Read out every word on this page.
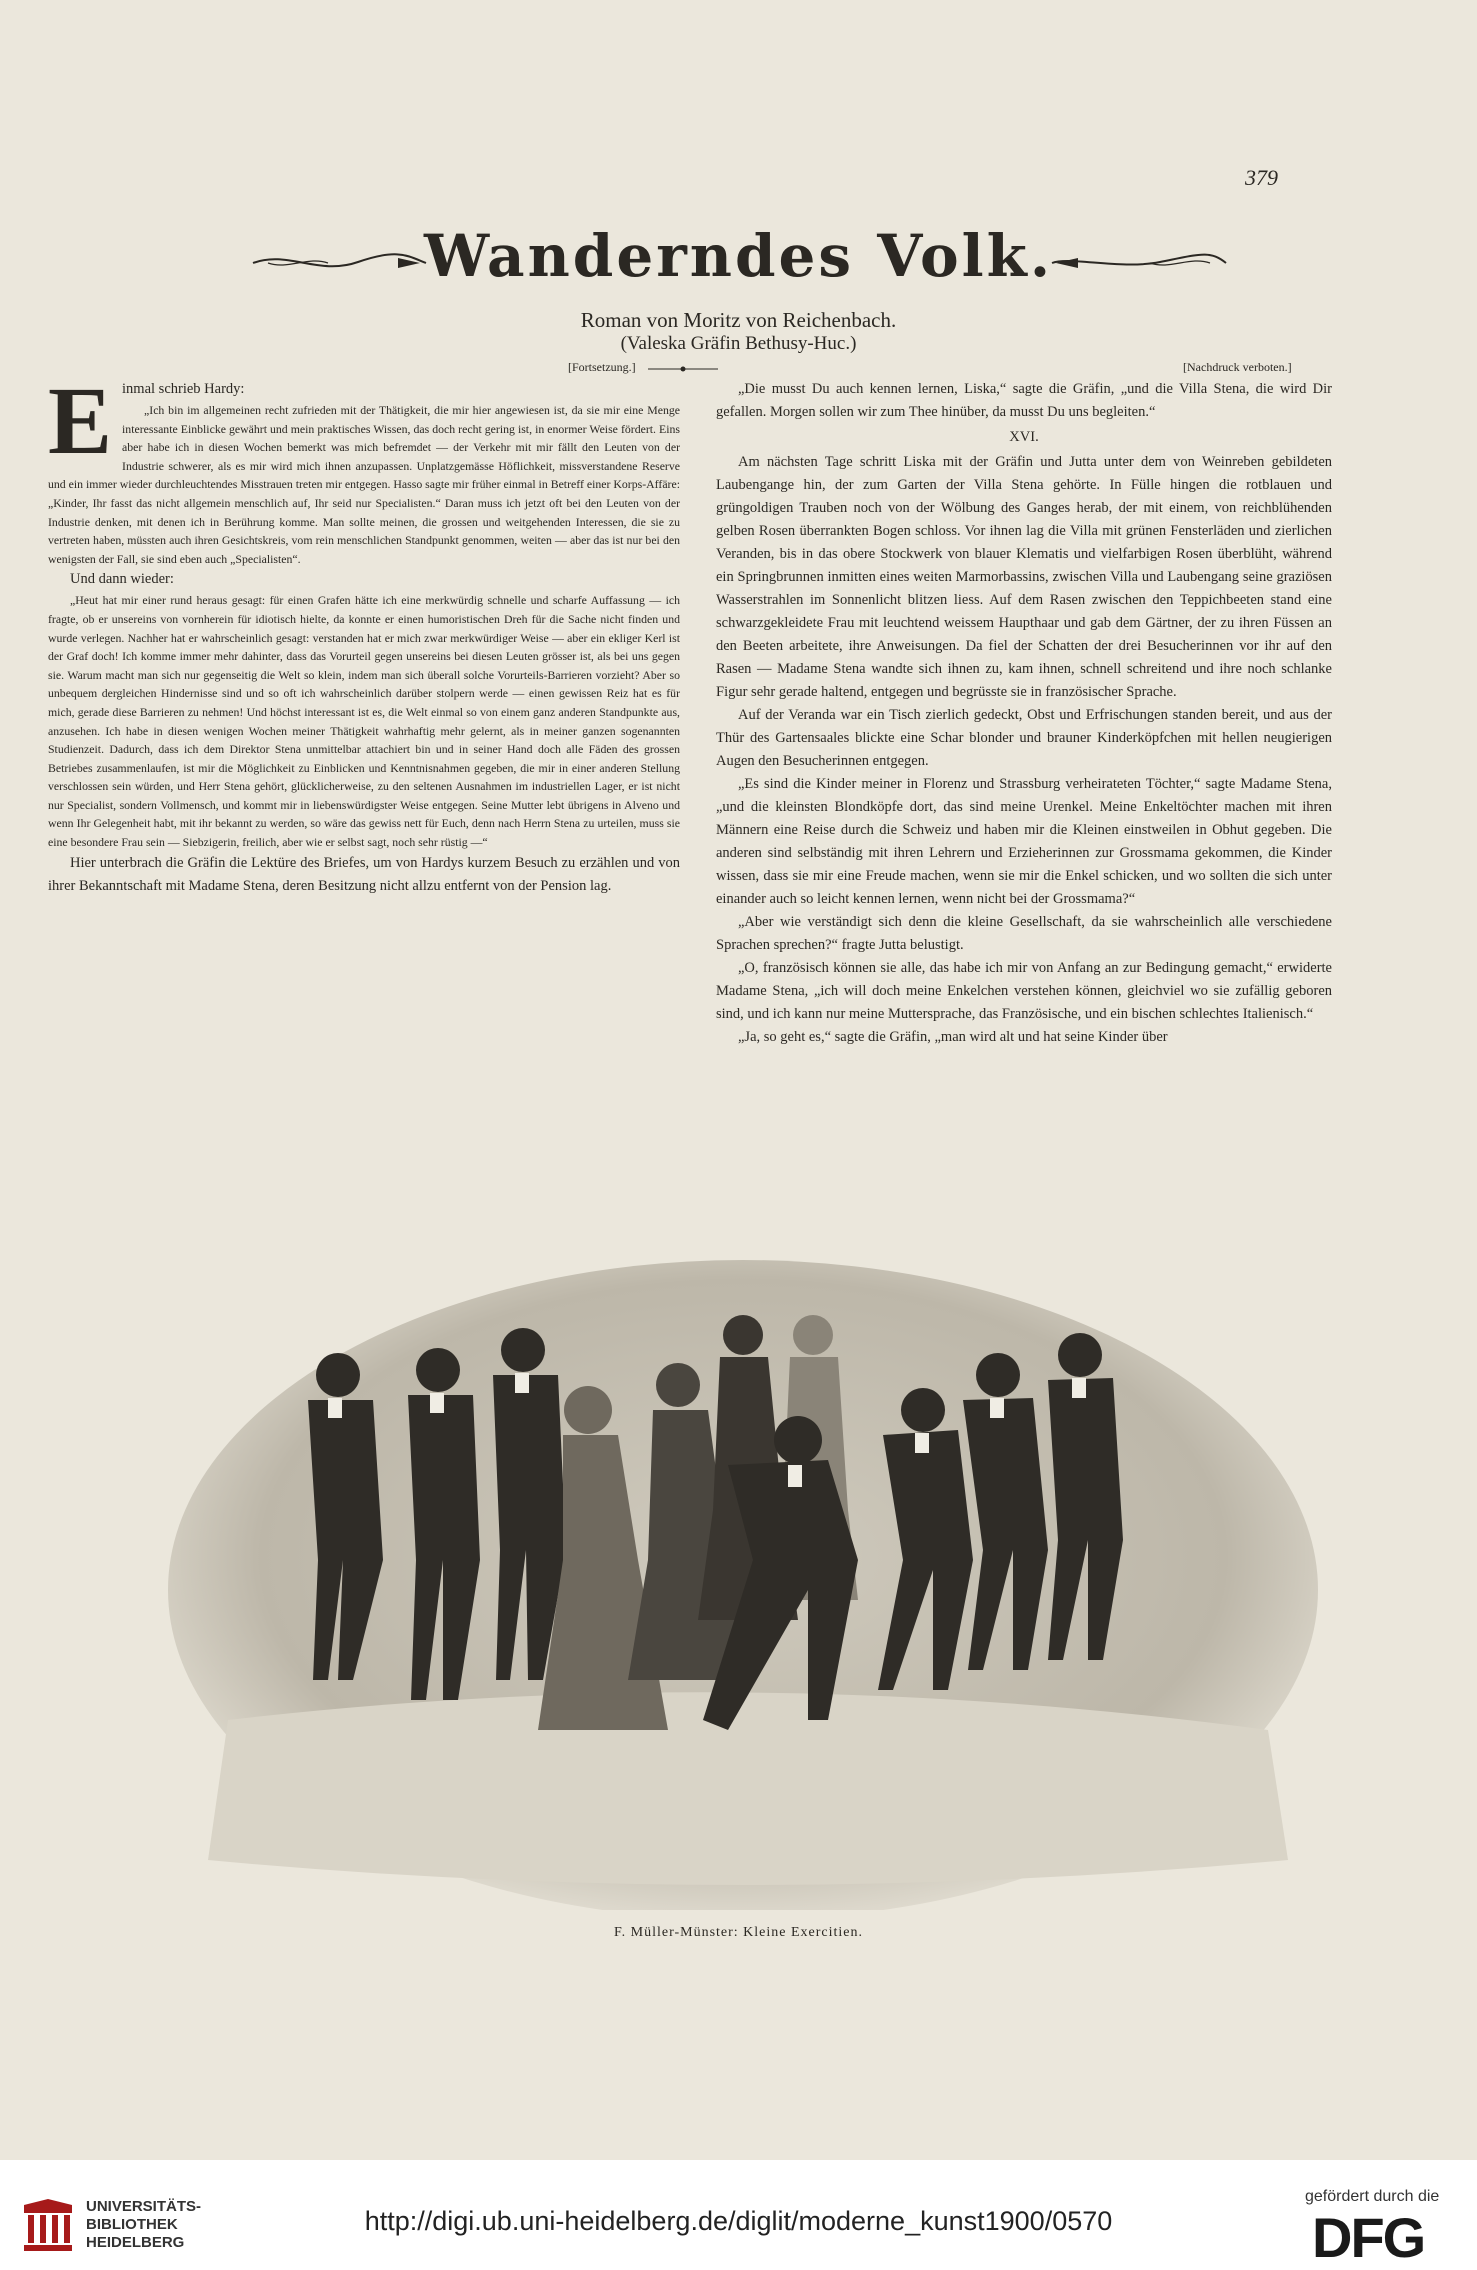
379
Wanderndes Volk.
Roman von Moritz von Reichenbach.
(Valeska Gräfin Bethusy-Huc.)
[Fortsetzung.]	[Nachdruck verboten.]

Einmal schrieb Hardy:

„Ich bin im allgemeinen recht zufrieden mit der Thätigkeit, die mir hier angewiesen ist, da sie mir eine Menge interessante Einblicke gewährt und mein praktisches Wissen, das doch recht gering ist, in enormer Weise fördert. Eins aber habe ich in diesen Wochen bemerkt was mich befremdet — der Verkehr mit mir fällt den Leuten von der Industrie schwerer, als es mir wird mich ihnen anzupassen. Unplatzgemässe Höflichkeit, missverstandene Reserve und ein immer wieder durchleuchtendes Misstrauen treten mir entgegen. Hasso sagte mir früher einmal in Betreff einer Korps-Affäre: „Kinder, Ihr fasst das nicht allgemein menschlich auf, Ihr seid nur Specialisten.“ Daran muss ich jetzt oft bei den Leuten von der Industrie denken, mit denen ich in Berührung komme. Man sollte meinen, die grossen und weitgehenden Interessen, die sie zu vertreten haben, müssten auch ihren Gesichtskreis, vom rein menschlichen Standpunkt genommen, weiten — aber das ist nur bei den wenigsten der Fall, sie sind eben auch „Specialisten“.

Und dann wieder:

„Heut hat mir einer rund heraus gesagt: für einen Grafen hätte ich eine merkwürdig schnelle und scharfe Auffassung — ich fragte, ob er unsereins von vornherein für idiotisch hielte, da konnte er einen humoristischen Dreh für die Sache nicht finden und wurde verlegen. Nachher hat er wahrscheinlich gesagt: verstanden hat er mich zwar merkwürdiger Weise — aber ein ekliger Kerl ist der Graf doch! Ich komme immer mehr dahinter, dass das Vorurteil gegen unsereins bei diesen Leuten grösser ist, als bei uns gegen sie. Warum macht man sich nur gegenseitig die Welt so klein, indem man sich überall solche Vorurteils-Barrieren vorzieht? Aber so unbequem dergleichen Hindernisse sind und so oft ich wahrscheinlich darüber stolpern werde — einen gewissen Reiz hat es für mich, gerade diese Barrieren zu nehmen! Und höchst interessant ist es, die Welt einmal so von einem ganz anderen Standpunkte aus, anzusehen. Ich habe in diesen wenigen Wochen meiner Thätigkeit wahrhaftig mehr gelernt, als in meiner ganzen sogenannten Studienzeit. Dadurch, dass ich dem Direktor Stena unmittelbar attachiert bin und in seiner Hand doch alle Fäden des grossen Betriebes zusammenlaufen, ist mir die Möglichkeit zu Einblicken und Kenntnisnahmen gegeben, die mir in einer anderen Stellung verschlossen sein würden, und Herr Stena gehört, glücklicherweise, zu den seltenen Ausnahmen im industriellen Lager, er ist nicht nur Specialist, sondern Vollmensch, und kommt mir in liebenswürdigster Weise entgegen. Seine Mutter lebt übrigens in Alveno und wenn Ihr Gelegenheit habt, mit ihr bekannt zu werden, so wäre das gewiss nett für Euch, denn nach Herrn Stena zu urteilen, muss sie eine besondere Frau sein — Siebzigerin, freilich, aber wie er selbst sagt, noch sehr rüstig —“

Hier unterbrach die Gräfin die Lektüre des Briefes, um von Hardys kurzem Besuch zu erzählen und von ihrer Bekanntschaft mit Madame Stena, deren Besitzung nicht allzu entfernt von der Pension lag.

„Die musst Du auch kennen lernen, Liska,“ sagte die Gräfin, „und die Villa Stena, die wird Dir gefallen. Morgen sollen wir zum Thee hinüber, da musst Du uns begleiten.“

XVI.

Am nächsten Tage schritt Liska mit der Gräfin und Jutta unter dem von Weinreben gebildeten Laubengange hin, der zum Garten der Villa Stena gehörte. In Fülle hingen die rotblauen und grüngoldigen Trauben noch von der Wölbung des Ganges herab, der mit einem, von reichblühenden gelben Rosen überrankten Bogen schloss. Vor ihnen lag die Villa mit grünen Fensterläden und zierlichen Veranden, bis in das obere Stockwerk von blauer Klematis und vielfarbigen Rosen überblüht, während ein Springbrunnen inmitten eines weiten Marmorbassins, zwischen Villa und Laubengang seine graziösen Wasserstrahlen im Sonnenlicht blitzen liess. Auf dem Rasen zwischen den Teppichbeeten stand eine schwarzgekleidete Frau mit leuchtend weissem Haupthaar und gab dem Gärtner, der zu ihren Füssen an den Beeten arbeitete, ihre Anweisungen. Da fiel der Schatten der drei Besucherinnen vor ihr auf den Rasen — Madame Stena wandte sich ihnen zu, kam ihnen, schnell schreitend und ihre noch schlanke Figur sehr gerade haltend, entgegen und begrüsste sie in französischer Sprache.

Auf der Veranda war ein Tisch zierlich gedeckt, Obst und Erfrischungen standen bereit, und aus der Thür des Gartensaales blickte eine Schar blonder und brauner Kinderköpfchen mit hellen neugierigen Augen den Besucherinnen entgegen.

„Es sind die Kinder meiner in Florenz und Strassburg verheirateten Töchter,“ sagte Madame Stena, „und die kleinsten Blondköpfe dort, das sind meine Urenkel. Meine Enkeltöchter machen mit ihren Männern eine Reise durch die Schweiz und haben mir die Kleinen einstweilen in Obhut gegeben. Die anderen sind selbständig mit ihren Lehrern und Erzieherinnen zur Grossmama gekommen, die Kinder wissen, dass sie mir eine Freude machen, wenn sie mir die Enkel schicken, und wo sollten die sich unter einander auch so leicht kennen lernen, wenn nicht bei der Grossmama?“

„Aber wie verständigt sich denn die kleine Gesellschaft, da sie wahrscheinlich alle verschiedene Sprachen sprechen?“ fragte Jutta belustigt.

„O, französisch können sie alle, das habe ich mir von Anfang an zur Bedingung gemacht,“ erwiderte Madame Stena, „ich will doch meine Enkelchen verstehen können, gleichviel wo sie zufällig geboren sind, und ich kann nur meine Muttersprache, das Französische, und ein bischen schlechtes Italienisch.“

„Ja, so geht es,“ sagte die Gräfin, „man wird alt und hat seine Kinder über

F. Müller-Münster: Kleine Exercitien.
UNIVERSITÄTS-
BIBLIOTHEK
HEIDELBERG
http://digi.ub.uni-heidelberg.de/diglit/moderne_kunst1900/0570
gefördert durch die
DFG
